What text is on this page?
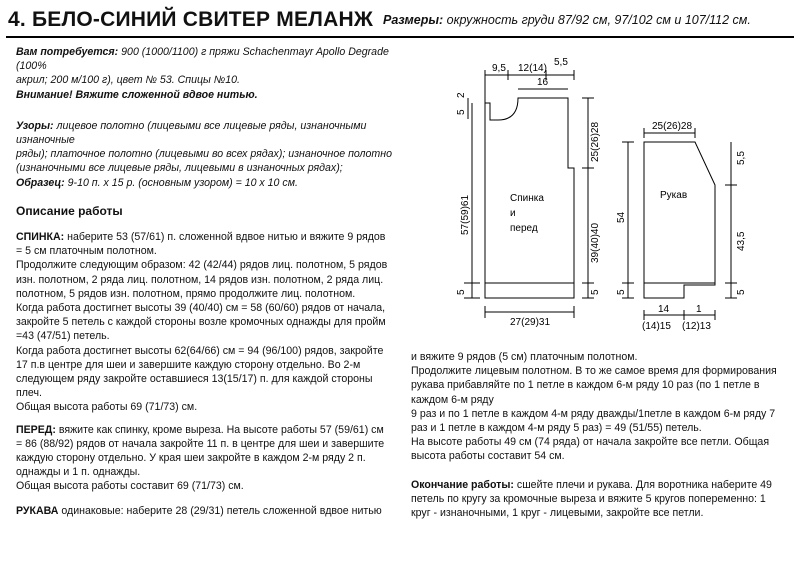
4. БЕЛО-СИНИЙ СВИТЕР МЕЛАНЖ Размеры: окружность груди 87/92 см, 97/102 см и 107/112 см.

Вам потребуется: 900 (1000/1100) г пряжи Schachenmayr Apollo Degrade (100%

акрил; 200 м/100 г), цвет № 53. Спицы №10.

Внимание! Вяжите сложенной вдвое нитью.

Узоры: лицевое полотно (лицевыми все лицевые ряды, изнаночными изнаночные

ряды); платочное полотно (лицевыми во всех рядах); изнаночное полотно

(изнаночными все лицевые ряды, лицевыми в изнаночных рядах);

Образец: 9-10 п. x 15 р. (основным узором) = 10 x 10 см.

Описание работы

СПИНКА: наберите 53 (57/61) п. сложенной вдвое нитью и вяжите 9 рядов

= 5 см платочным полотном.

Продолжите следующим образом: 42 (42/44) рядов лиц. полотном, 5 рядов

изн. полотном, 2 ряда лиц. полотном, 14 рядов изн. полотном, 2 ряда лиц.

полотном, 5 рядов изн. полотном, прямо продолжите лиц. полотном.

Когда работа достигнет высоты 39 (40/40) см = 58 (60/60) рядов от начала,

закройте 5 петель с каждой стороны возле кромочных однажды для пройм

=43 (47/51) петель.

Когда работа достигнет высоты 62(64/66) см = 94 (96/100) рядов, закройте

17 п.в центре для шеи и завершите каждую сторону отдельно. Во 2-м

следующем ряду закройте оставшиеся 13(15/17) п. для каждой стороны

плеч.

Общая высота работы 69 (71/73) см.

ПЕРЕД: вяжите как спинку, кроме выреза. На высоте работы 57 (59/61) см

= 86 (88/92) рядов от начала закройте 11 п. в центре для шеи и завершите

каждую сторону отдельно. У края шеи закройте в каждом 2-м ряду 2 п.

однажды и 1 п. однажды.

Общая высота работы составит 69 (71/73) см.

РУКАВА одинаковые: наберите 28 (29/31) петель сложенной вдвое нитью

и вяжите 9 рядов (5 см) платочным полотном.

Продолжите лицевым полотном. В то же самое время для формирования

рукава прибавляйте по 1 петле в каждом 6-м ряду 10 раз (по 1 петле в

каждом 6-м ряду

9 раз и по 1 петле в каждом 4-м ряду дважды/1петле в каждом 6-м ряду 7

раз и 1 петле в каждом 4-м ряду 5 раз) = 49 (51/55) петель.

На высоте работы 49 см (74 ряда) от начала закройте все петли. Общая

высота работы составит 54 см.

Окончание работы: сшейте плечи и рукава. Для воротника наберите 49

петель по кругу за кромочные выреза и вяжите 5 кругов попеременно: 1

круг - изнаночными, 1 круг - лицевыми, закройте все петли.

9,5 12(14)
5,5
16
5
2
57(59)61
5
25(26)28
39(40)40
5
27(29)31
Спинка
и
перед
25(26)28
5,5
54
43,5
5	5
Рукав
14	1
(14)15 (12)13
